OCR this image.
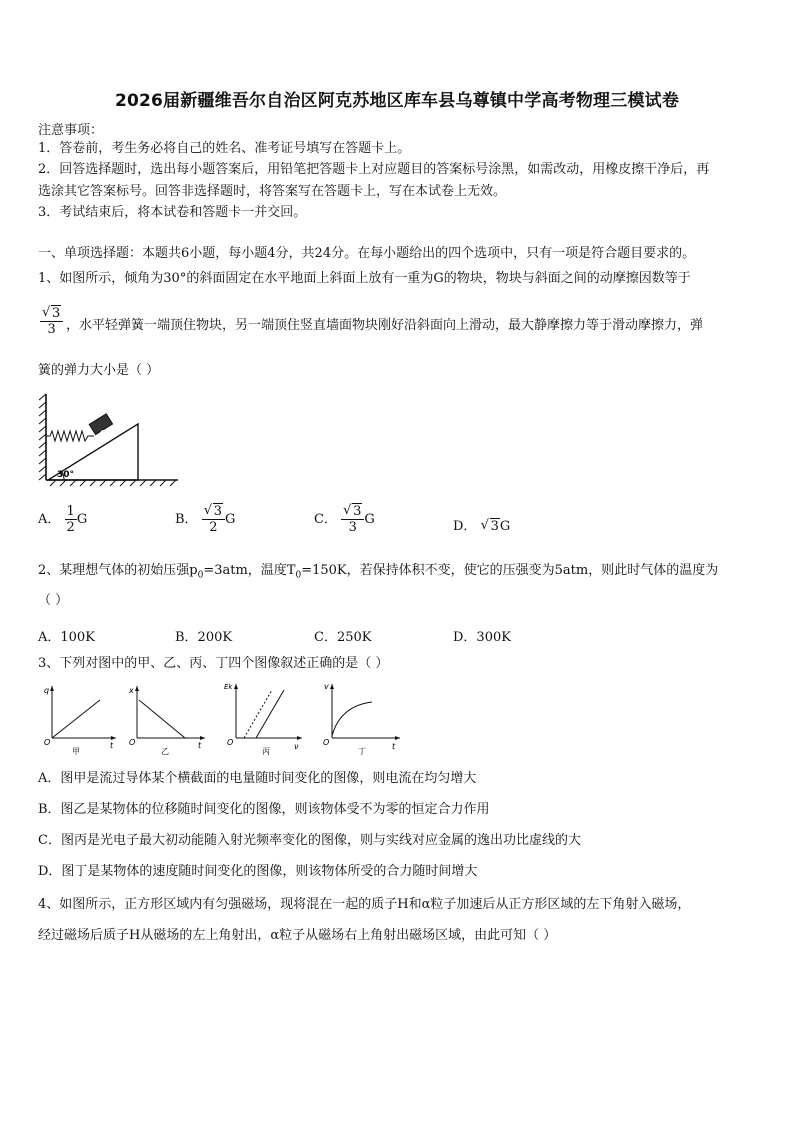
2026届新疆维吾尔自治区阿克苏地区库车县乌尊镇中学高考物理三模试卷
注意事项：
1．答卷前，考生务必将自己的姓名、准考证号填写在答题卡上。
2．回答选择题时，选出每小题答案后，用铅笔把答题卡上对应题目的答案标号涂黑，如需改动，用橡皮擦干净后，再
选涂其它答案标号。回答非选择题时，将答案写在答题卡上，写在本试卷上无效。
3．考试结束后，将本试卷和答题卡一并交回。
一、单项选择题：本题共6小题，每小题4分，共24分。在每小题给出的四个选项中，只有一项是符合题目要求的。
1、如图所示，倾角为30°的斜面固定在水平地面上斜面上放有一重为G的物块，物块与斜面之间的动摩擦因数等于
√ $\frac{3}{3}$ ，水平轻弹簧一端顶住物块，另一端顶住竖直墙面物块刚好沿斜面向上滑动，最大静摩擦力等于滑动摩擦力，弹
簧的弹力大小是（ ）
30°
G
A． $\frac{1}{2}$ G	B． √ $\frac{3}{2}$ G	C． √ $\frac{3}{3}$ G	D． √ 3G
2、某理想气体的初始压强$p_0=3atm$，温度$T_0=150K$，若保持体积不变，使它的压强变为5atm，则此时气体的温度为
（ ）
A．100K	B．200K	C．250K	D．300K
3、下列对图中的甲、乙、丙、丁四个图像叙述正确的是（ ）
q
t
O
甲
x
t
O
乙
Ek
ν
O
丙
v
t
O
丁
A．图甲是流过导体某个横截面的电量随时间变化的图像，则电流在均匀增大
B．图乙是某物体的位移随时间变化的图像，则该物体受不为零的恒定合力作用
C．图丙是光电子最大初动能随入射光频率变化的图像，则与实线对应金属的逸出功比虚线的大
D．图丁是某物体的速度随时间变化的图像，则该物体所受的合力随时间增大
4、如图所示，正方形区域内有匀强磁场，现将混在一起的质子H和α粒子加速后从正方形区域的左下角射入磁场，
经过磁场后质子H从磁场的左上角射出，α粒子从磁场右上角射出磁场区域，由此可知（ ）
